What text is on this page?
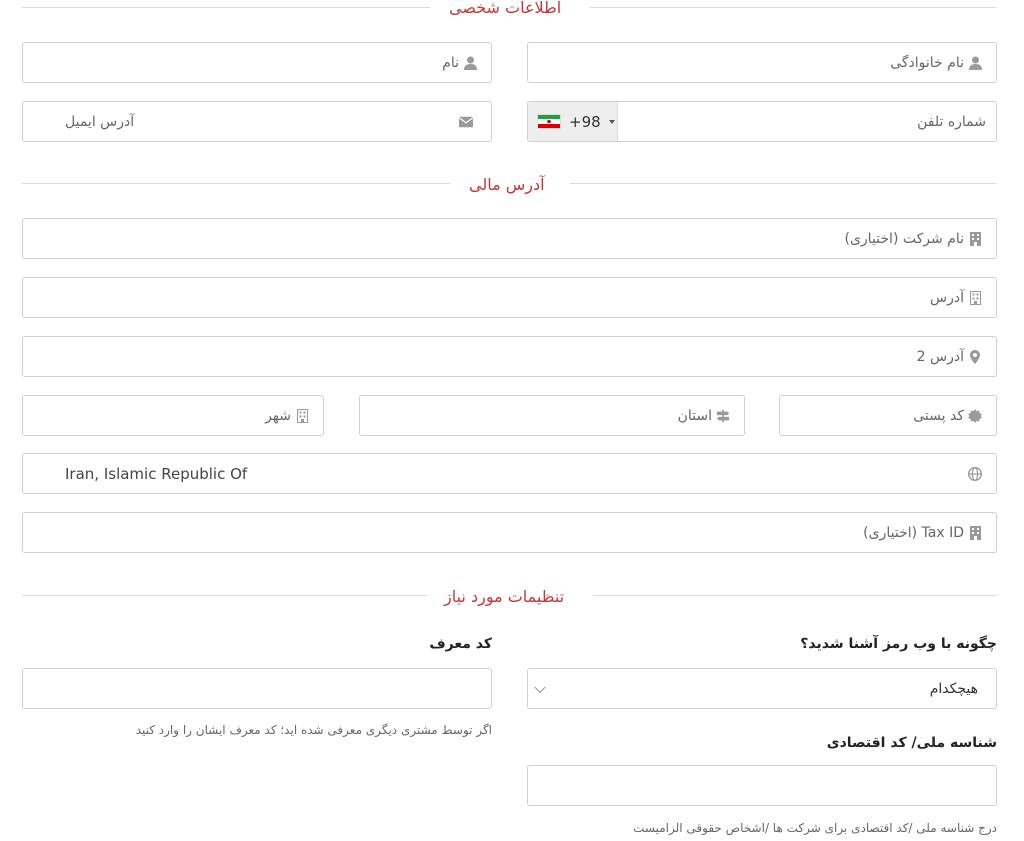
اطلاعات شخصی
نام خانوادگی
نام
+98	شماره تلفن
آدرس ایمیل
آدرس مالی
نام شرکت (اختیاری)
آدرس
آدرس 2
کد پستی
استان
شهر
Iran, Islamic Republic Of
Tax ID (اختیاری)
تنظیمات مورد نیاز
چگونه با وب رمز آشنا شدید؟
هیچکدام
کد معرف
اگر توسط مشتری دیگری معرفی شده اید؛ کد معرف ایشان را وارد کنید
شناسه ملی/ کد اقتصادی
درج شناسه ملی /کد اقتصادی برای شرکت ها /اشخاص حقوقی الزامیست
